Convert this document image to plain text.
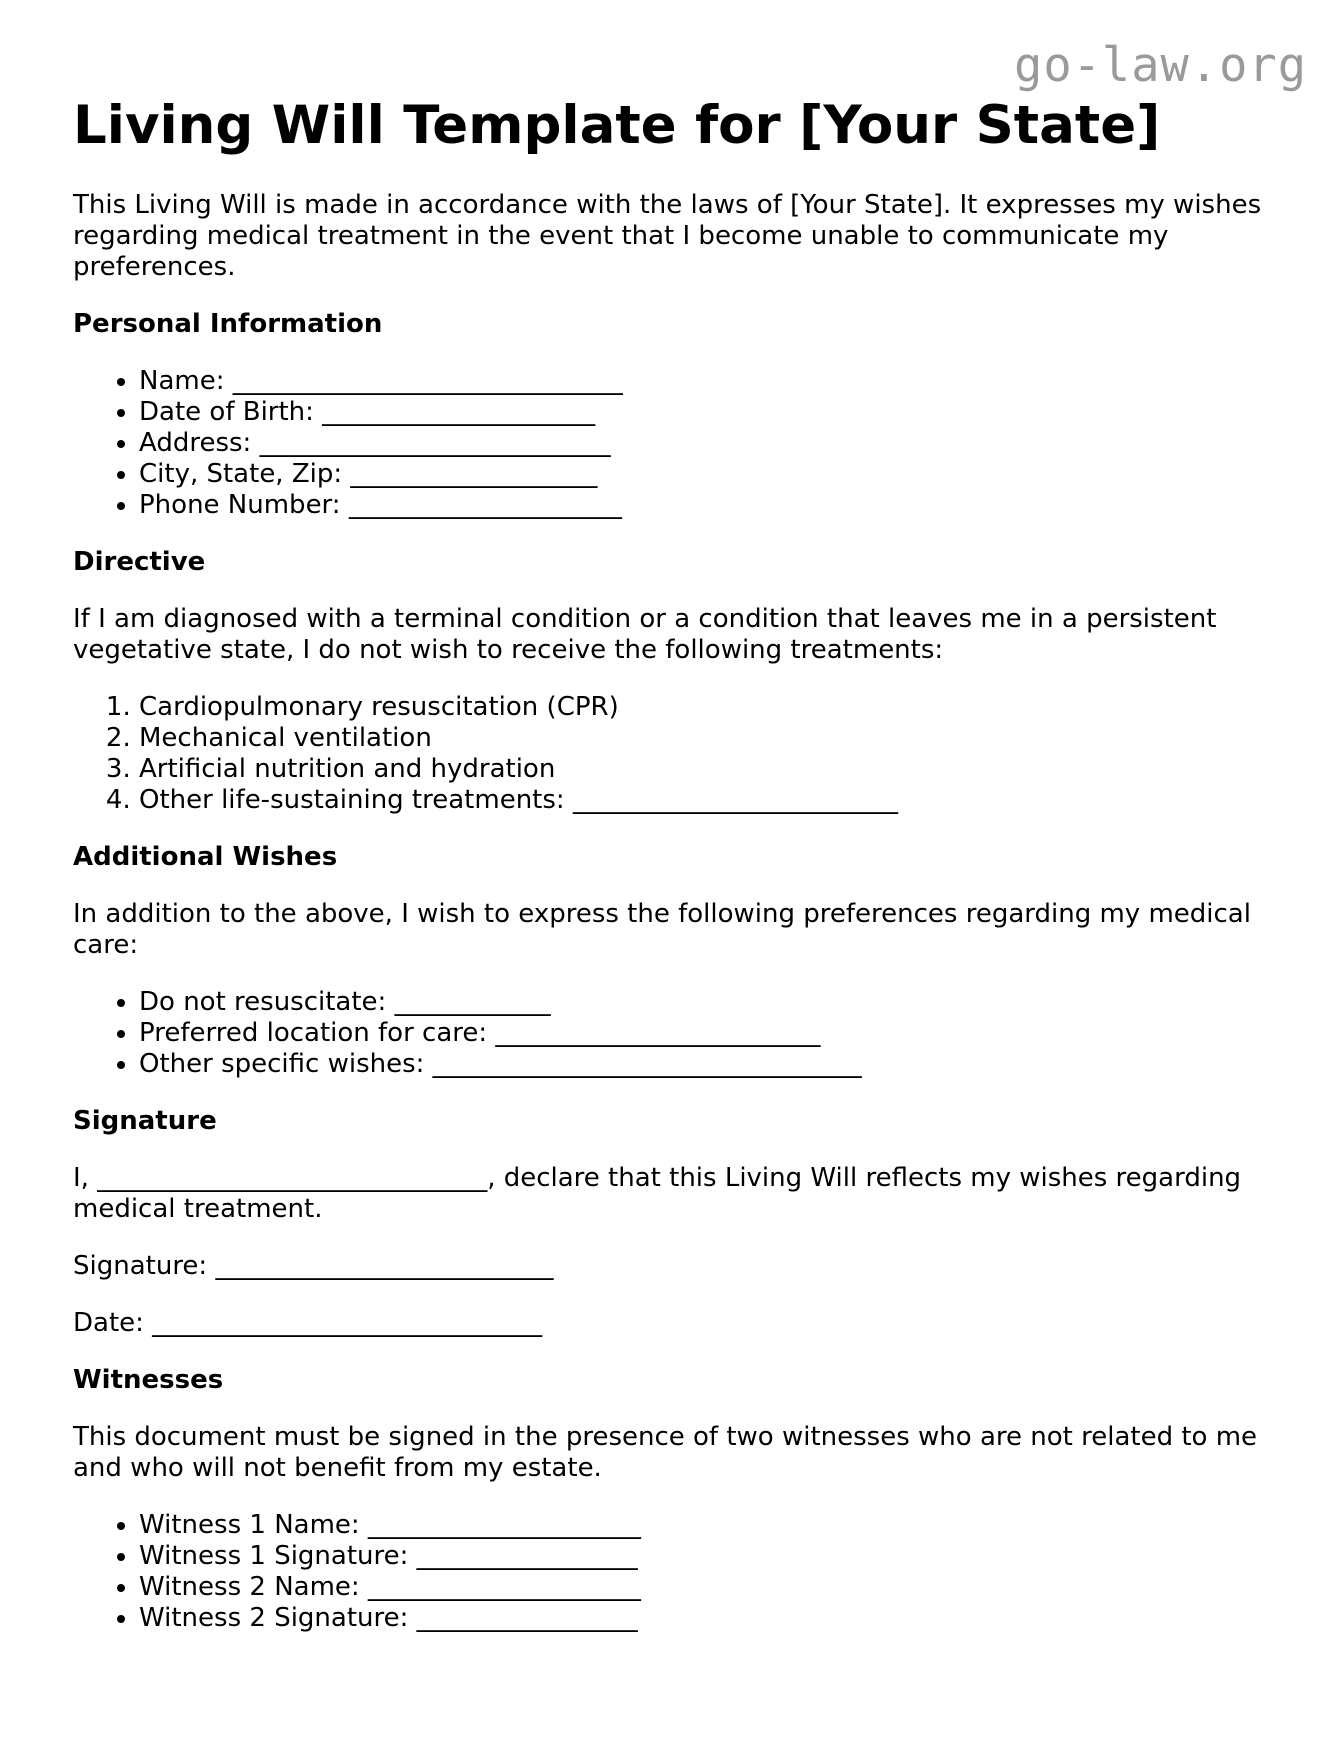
go-law.org
Living Will Template for [Your State]

This Living Will is made in accordance with the laws of [Your State]. It expresses my wishes regarding medical treatment in the event that I become unable to communicate my preferences.

Personal Information
• Name: ______________________________
• Date of Birth: _____________________
• Address: ___________________________
• City, State, Zip: ___________________
• Phone Number: _____________________
Directive

If I am diagnosed with a terminal condition or a condition that leaves me in a persistent vegetative state, I do not wish to receive the following treatments:

1. Cardiopulmonary resuscitation (CPR)
2. Mechanical ventilation
3. Artificial nutrition and hydration
4. Other life-sustaining treatments: _________________________
Additional Wishes

In addition to the above, I wish to express the following preferences regarding my medical care:

• Do not resuscitate: ____________
• Preferred location for care: _________________________
• Other specific wishes: _________________________________
Signature

I, ______________________________, declare that this Living Will reflects my wishes regarding medical treatment.

Signature: __________________________

Date: ______________________________

Witnesses

This document must be signed in the presence of two witnesses who are not related to me and who will not benefit from my estate.

• Witness 1 Name: _____________________
• Witness 1 Signature: _________________
• Witness 2 Name: _____________________
• Witness 2 Signature: _________________
